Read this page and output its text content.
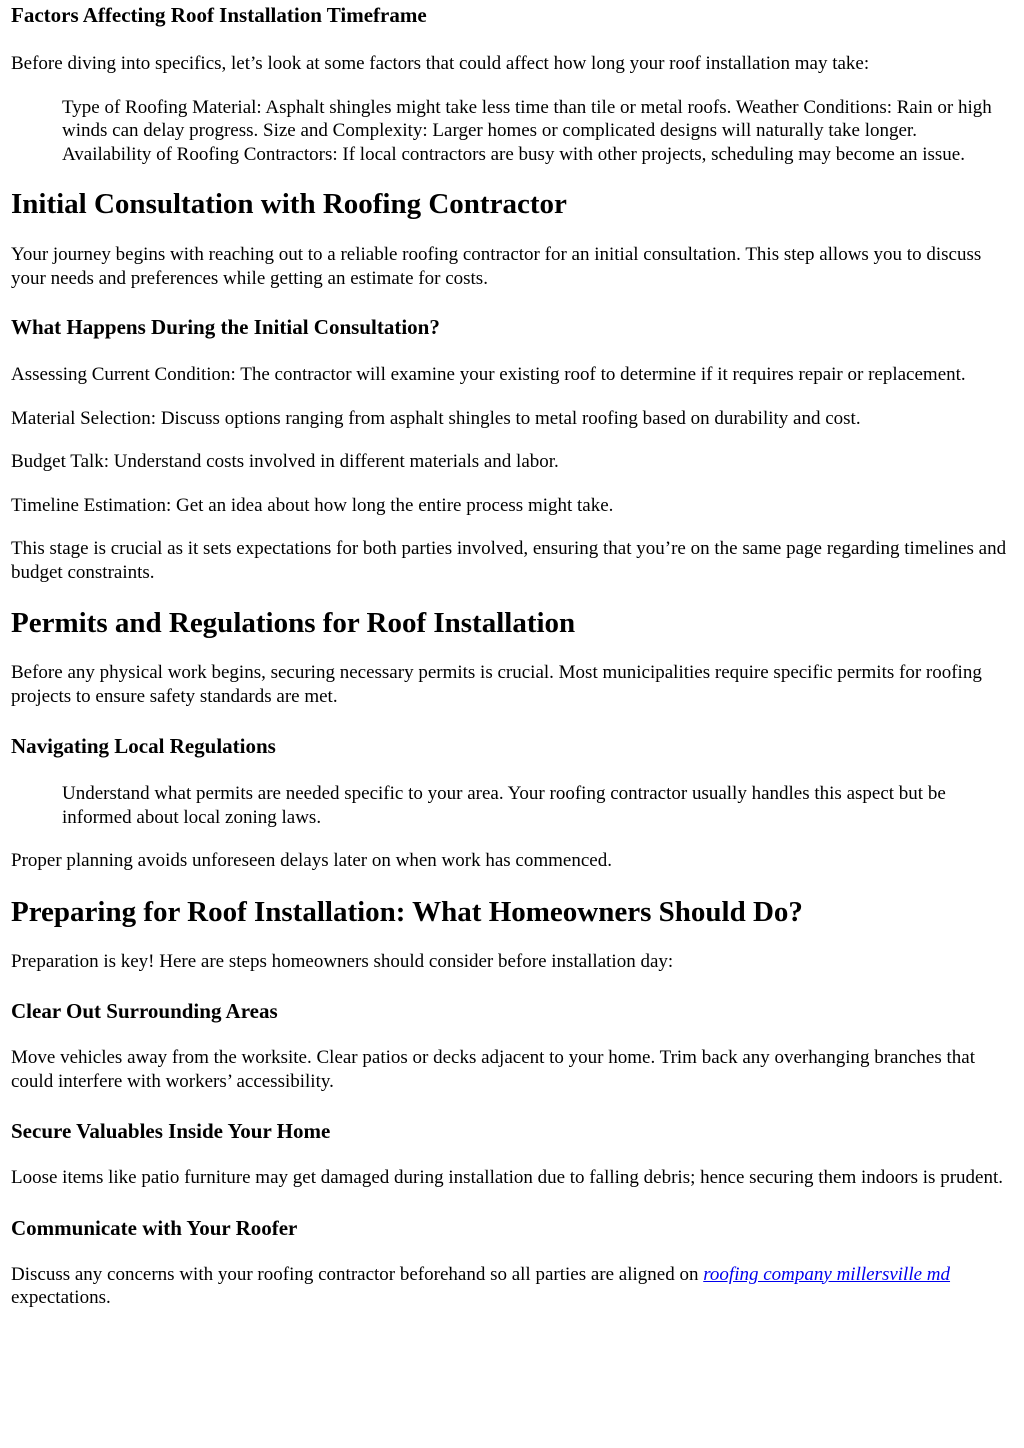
Factors Affecting Roof Installation Timeframe

Before diving into specifics, let’s look at some factors that could affect how long your roof installation may take:

Type of Roofing Material: Asphalt shingles might take less time than tile or metal roofs. Weather Conditions: Rain or high winds can delay progress. Size and Complexity: Larger homes or complicated designs will naturally take longer. Availability of Roofing Contractors: If local contractors are busy with other projects, scheduling may become an issue.
Initial Consultation with Roofing Contractor

Your journey begins with reaching out to a reliable roofing contractor for an initial consultation. This step allows you to discuss your needs and preferences while getting an estimate for costs.

What Happens During the Initial Consultation?

Assessing Current Condition: The contractor will examine your existing roof to determine if it requires repair or replacement.

Material Selection: Discuss options ranging from asphalt shingles to metal roofing based on durability and cost.

Budget Talk: Understand costs involved in different materials and labor.

Timeline Estimation: Get an idea about how long the entire process might take.

This stage is crucial as it sets expectations for both parties involved, ensuring that you’re on the same page regarding timelines and budget constraints.

Permits and Regulations for Roof Installation

Before any physical work begins, securing necessary permits is crucial. Most municipalities require specific permits for roofing projects to ensure safety standards are met.

Navigating Local Regulations
Understand what permits are needed specific to your area. Your roofing contractor usually handles this aspect but be informed about local zoning laws.

Proper planning avoids unforeseen delays later on when work has commenced.

Preparing for Roof Installation: What Homeowners Should Do?

Preparation is key! Here are steps homeowners should consider before installation day:

Clear Out Surrounding Areas

Move vehicles away from the worksite. Clear patios or decks adjacent to your home. Trim back any overhanging branches that could interfere with workers’ accessibility.

Secure Valuables Inside Your Home

Loose items like patio furniture may get damaged during installation due to falling debris; hence securing them indoors is prudent.

Communicate with Your Roofer

Discuss any concerns with your roofing contractor beforehand so all parties are aligned on roofing company millersville md expectations.
